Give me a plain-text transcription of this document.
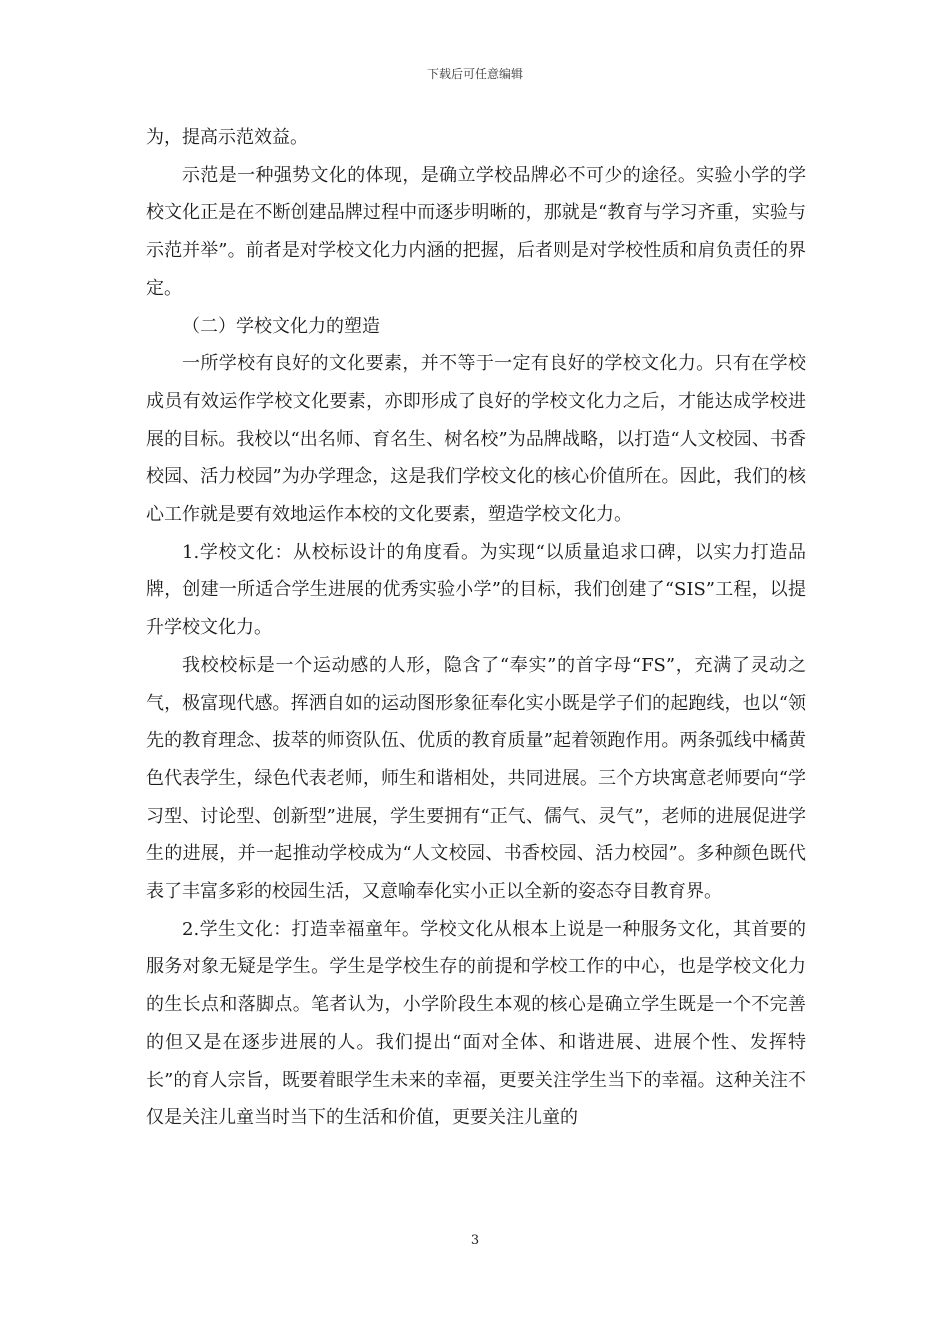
下载后可任意编辑

为，提高示范效益。

示范是一种强势文化的体现，是确立学校品牌必不可少的途径。实验小学的学校文化正是在不断创建品牌过程中而逐步明晰的，那就是“教育与学习齐重，实验与示范并举”。前者是对学校文化力内涵的把握，后者则是对学校性质和肩负责任的界定。

（二）学校文化力的塑造

一所学校有良好的文化要素，并不等于一定有良好的学校文化力。只有在学校成员有效运作学校文化要素，亦即形成了良好的学校文化力之后，才能达成学校进展的目标。我校以“出名师、育名生、树名校”为品牌战略，以打造“人文校园、书香校园、活力校园”为办学理念，这是我们学校文化的核心价值所在。因此，我们的核心工作就是要有效地运作本校的文化要素，塑造学校文化力。

1.学校文化：从校标设计的角度看。为实现“以质量追求口碑，以实力打造品牌，创建一所适合学生进展的优秀实验小学”的目标，我们创建了“SIS”工程，以提升学校文化力。

我校校标是一个运动感的人形，隐含了“奉实”的首字母“FS”，充满了灵动之气，极富现代感。挥洒自如的运动图形象征奉化实小既是学子们的起跑线，也以“领先的教育理念、拔萃的师资队伍、优质的教育质量”起着领跑作用。两条弧线中橘黄色代表学生，绿色代表老师，师生和谐相处，共同进展。三个方块寓意老师要向“学习型、讨论型、创新型”进展，学生要拥有“正气、儒气、灵气”，老师的进展促进学生的进展，并一起推动学校成为“人文校园、书香校园、活力校园”。多种颜色既代表了丰富多彩的校园生活，又意喻奉化实小正以全新的姿态夺目教育界。

2.学生文化：打造幸福童年。学校文化从根本上说是一种服务文化，其首要的服务对象无疑是学生。学生是学校生存的前提和学校工作的中心，也是学校文化力的生长点和落脚点。笔者认为，小学阶段生本观的核心是确立学生既是一个不完善的但又是在逐步进展的人。我们提出“面对全体、和谐进展、进展个性、发挥特长”的育人宗旨，既要着眼学生未来的幸福，更要关注学生当下的幸福。这种关注不仅是关注儿童当时当下的生活和价值，更要关注儿童的

3
